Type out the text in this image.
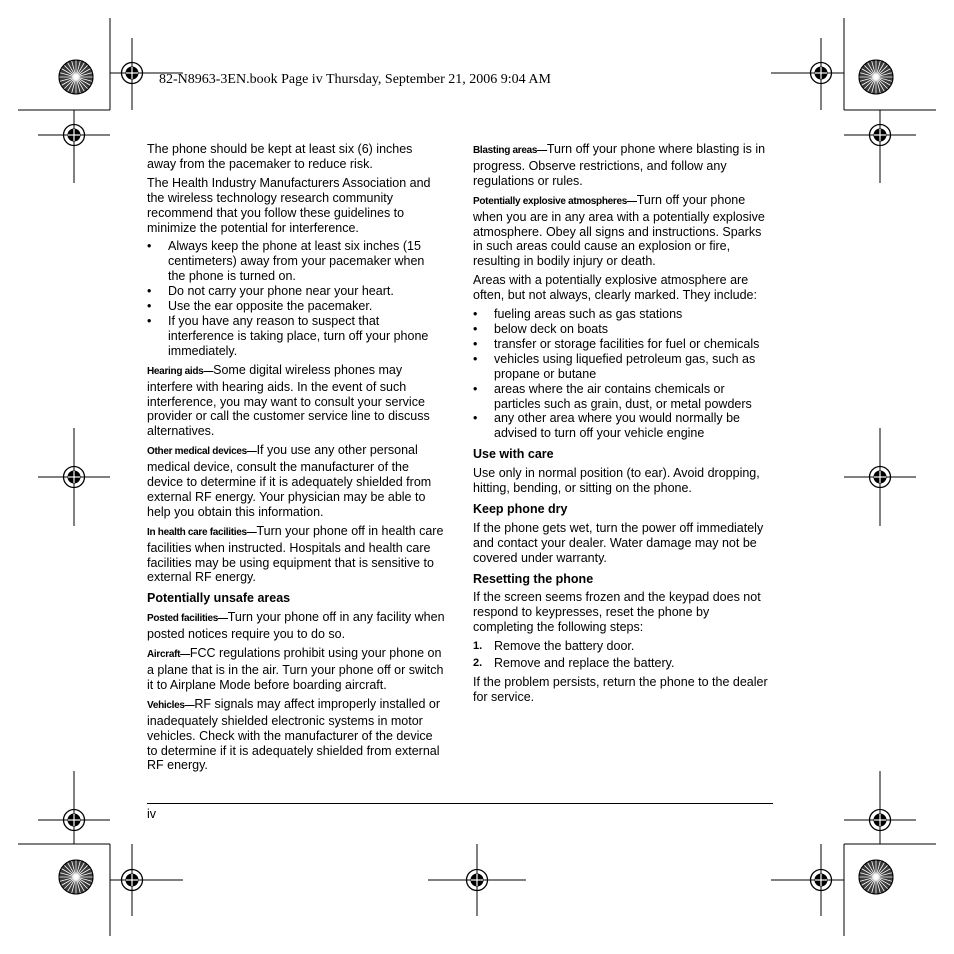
82-N8963-3EN.book Page iv Thursday, September 21, 2006 9:04 AM

The phone should be kept at least six (6) inches away from the pacemaker to reduce risk.

The Health Industry Manufacturers Association and the wireless technology research community recommend that you follow these guidelines to minimize the potential for interference.

• Always keep the phone at least six inches (15 centimeters) away from your pacemaker when the phone is turned on.
• Do not carry your phone near your heart.
• Use the ear opposite the pacemaker.
• If you have any reason to suspect that interference is taking place, turn off your phone immediately.

Hearing aids—Some digital wireless phones may interfere with hearing aids. In the event of such interference, you may want to consult your service provider or call the customer service line to discuss alternatives.

Other medical devices—If you use any other personal medical device, consult the manufacturer of the device to determine if it is adequately shielded from external RF energy. Your physician may be able to help you obtain this information.

In health care facilities—Turn your phone off in health care facilities when instructed. Hospitals and health care facilities may be using equipment that is sensitive to external RF energy.

Potentially unsafe areas

Posted facilities—Turn your phone off in any facility when posted notices require you to do so.

Aircraft—FCC regulations prohibit using your phone on a plane that is in the air. Turn your phone off or switch it to Airplane Mode before boarding aircraft.

Vehicles—RF signals may affect improperly installed or inadequately shielded electronic systems in motor vehicles. Check with the manufacturer of the device to determine if it is adequately shielded from external RF energy.

Blasting areas—Turn off your phone where blasting is in progress. Observe restrictions, and follow any regulations or rules.

Potentially explosive atmospheres—Turn off your phone when you are in any area with a potentially explosive atmosphere. Obey all signs and instructions. Sparks in such areas could cause an explosion or fire, resulting in bodily injury or death.

Areas with a potentially explosive atmosphere are often, but not always, clearly marked. They include:

• fueling areas such as gas stations
• below deck on boats
• transfer or storage facilities for fuel or chemicals
• vehicles using liquefied petroleum gas, such as propane or butane
• areas where the air contains chemicals or particles such as grain, dust, or metal powders
• any other area where you would normally be advised to turn off your vehicle engine
Use with care

Use only in normal position (to ear). Avoid dropping, hitting, bending, or sitting on the phone.

Keep phone dry

If the phone gets wet, turn the power off immediately and contact your dealer. Water damage may not be covered under warranty.

Resetting the phone

If the screen seems frozen and the keypad does not respond to keypresses, reset the phone by completing the following steps:

1. Remove the battery door.
2. Remove and replace the battery.

If the problem persists, return the phone to the dealer for service.

iv
